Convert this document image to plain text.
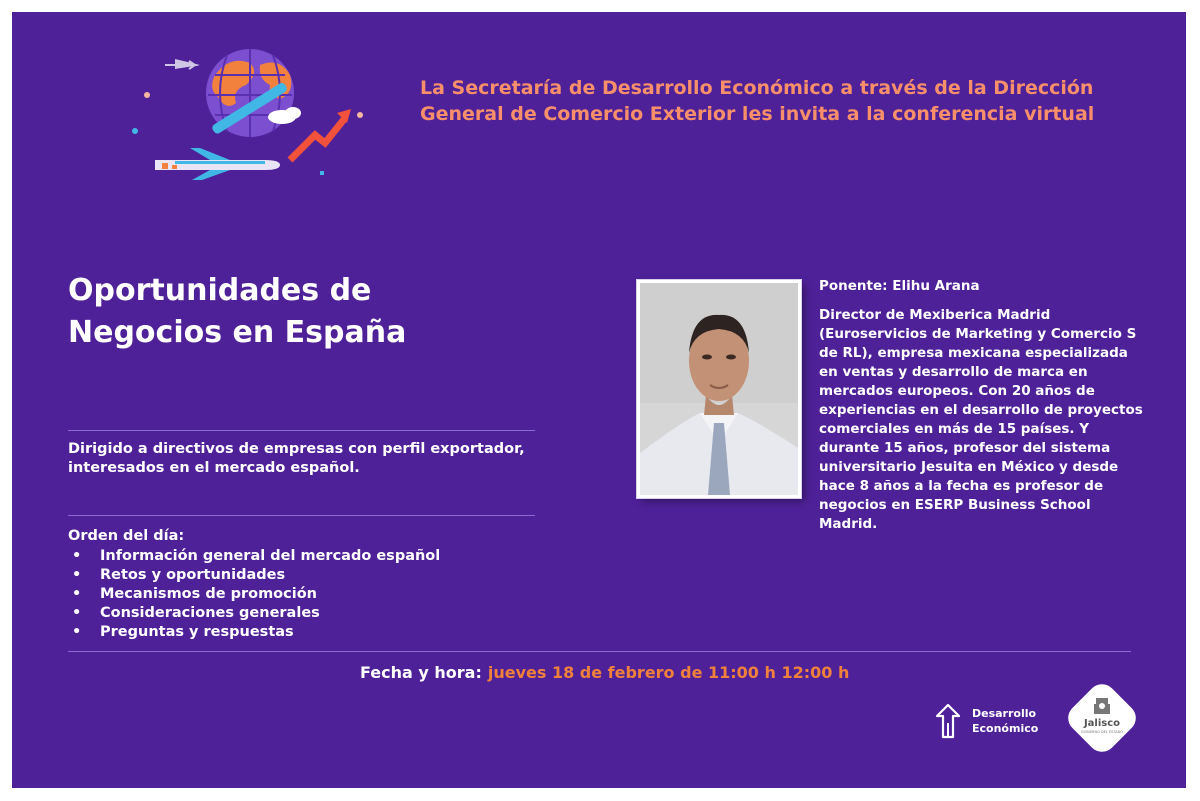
La Secretaría de Desarrollo Económico a través de la Dirección
General de Comercio Exterior les invita a la conferencia virtual
Oportunidades de
Negocios en España

Dirigido a directivos de empresas con perfil exportador, interesados en el mercado español.

Orden del día:

•	Información general del mercado español
•	Retos y oportunidades
•	Mecanismos de promoción
•	Consideraciones generales
•	Preguntas y respuestas

Ponente: Elihu Arana

Director de Mexiberica Madrid (Euroservicios de Marketing y Comercio S de RL), empresa mexicana especializada en ventas y desarrollo de marca en mercados europeos. Con 20 años de experiencias en el desarrollo de proyectos comerciales en más de 15 países. Y durante 15 años, profesor del sistema universitario Jesuita en México y desde hace 8 años a la fecha es profesor de negocios en ESERP Business School Madrid.

Fecha y hora: jueves 18 de febrero de 11:00 h 12:00 h
Desarrollo
Económico	Jalisco
GOBIERNO DEL ESTADO
